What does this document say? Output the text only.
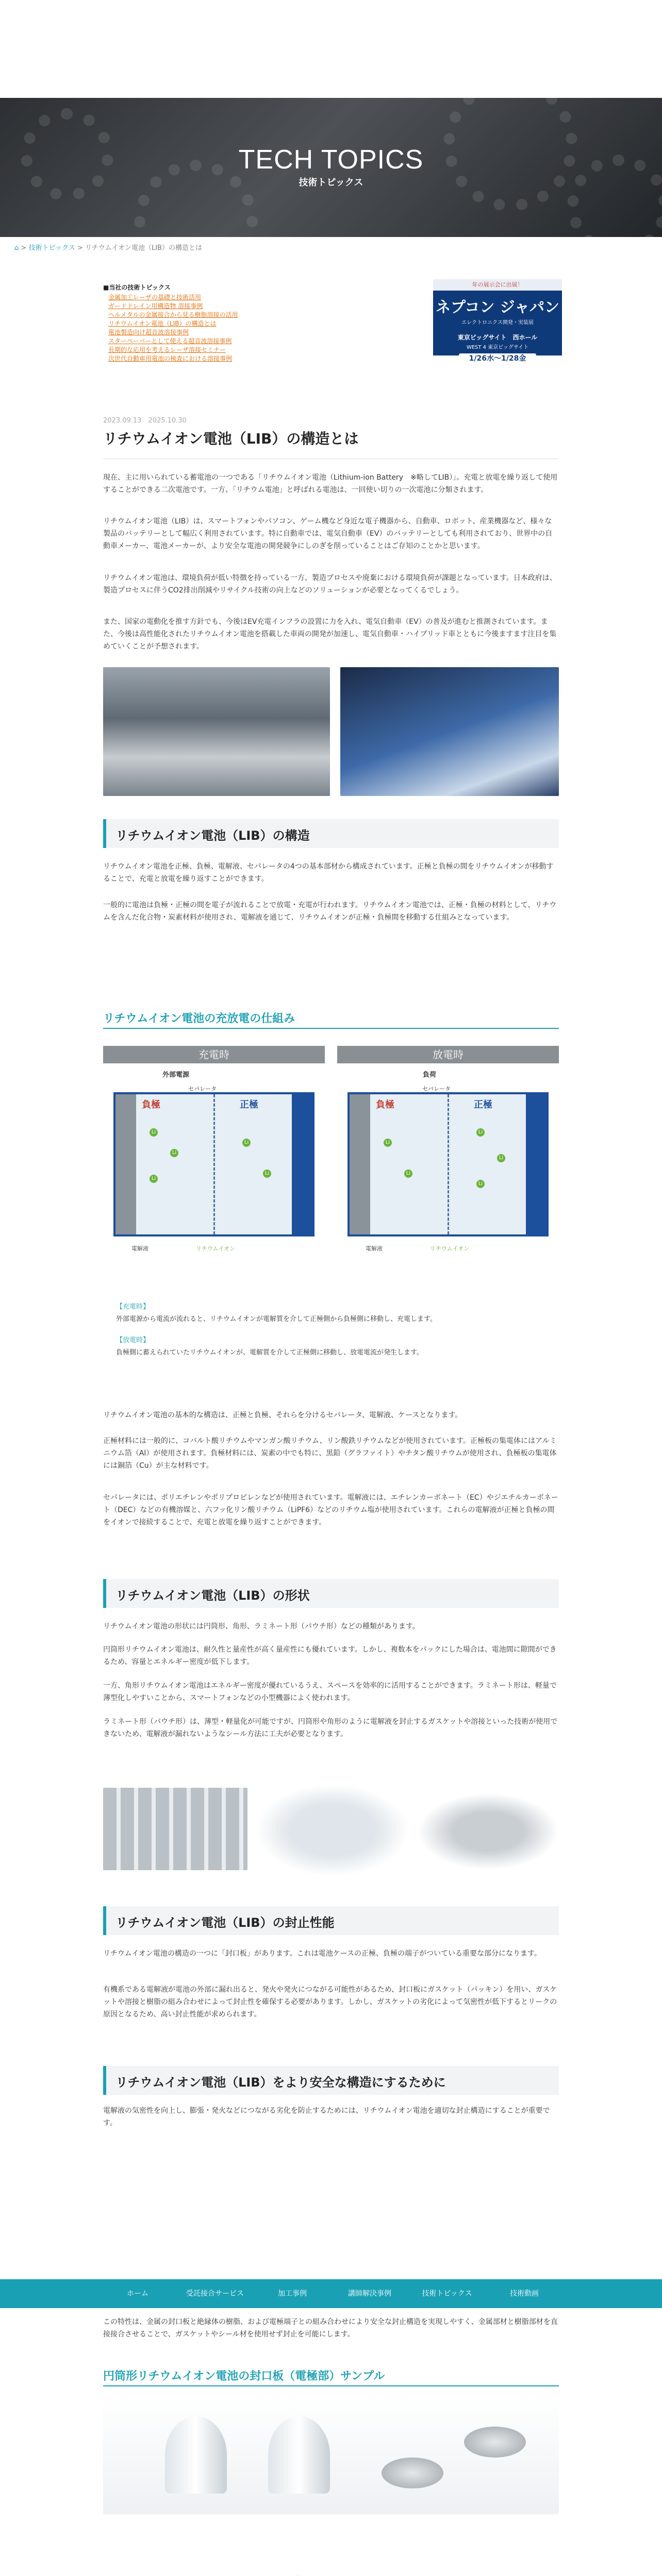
TECH TOPICS
技術トピックス
⌂ > 技術トピックス > リチウムイオン電池（LIB）の構造とは
■当社の技術トピックス
金属加工レーザの基礎と技術活用
ガードドレイン用構造物 溶接事例
ヘルメタルの金属接合から見る樹脂溶接の活用
リチウムイオン電池（LIB）の構造とは
電池製造向け超音波溶接事例
スターペーパーとして使える超音波溶接事例
長期的な応用を考えるレーザ溶接セミナー
次世代自動車用電池の検査における溶接事例
年の展示会に出展！
ネプコン ジャパン
エレクトロニクス開発・実装展
東京ビッグサイト　西ホール
WEST 4 東京ビッグサイト
1/26水～1/28金
2023.09.13　2025.10.30
リチウムイオン電池（LIB）の構造とは
現在、主に用いられている蓄電池の一つである「リチウムイオン電池（Lithium-ion Battery　※略してLIB）」。充電と放電を繰り返して使用することができる二次電池です。一方、「リチウム電池」と呼ばれる電池は、一回使い切りの一次電池に分類されます。
リチウムイオン電池（LIB）は、スマートフォンやパソコン、ゲーム機など身近な電子機器から、自動車、ロボット、産業機器など、様々な製品のバッテリーとして幅広く利用されています。特に自動車では、電気自動車（EV）のバッテリーとしても利用されており、世界中の自動車メーカー、電池メーカーが、より安全な電池の開発競争にしのぎを削っていることはご存知のことかと思います。
リチウムイオン電池は、環境負荷が低い特徴を持っている一方、製造プロセスや廃棄における環境負荷が課題となっています。日本政府は、製造プロセスに伴うCO2排出削減やリサイクル技術の向上などのソリューションが必要となってくるでしょう。
また、国家の電動化を推す方針でも、今後はEV充電インフラの設置に力を入れ、電気自動車（EV）の普及が進むと推測されています。また、今後は高性能化されたリチウムイオン電池を搭載した車両の開発が加速し、電気自動車・ハイブリッド車とともに今後ますます注目を集めていくことが予想されます。
リチウムイオン電池（LIB）の構造
リチウムイオン電池を正極、負極、電解液、セパレータの4つの基本部材から構成されています。正極と負極の間をリチウムイオンが移動することで、充電と放電を繰り返すことができます。
一般的に電池は負極・正極の間を電子が流れることで放電・充電が行われます。リチウムイオン電池では、正極・負極の材料として、リチウムを含んだ化合物・炭素材料が使用され、電解液を通じて、リチウムイオンが正極・負極間を移動する仕組みとなっています。
リチウムイオン電池の充放電の仕組み
充電時	放電時
外部電源	負荷
負極	正極
セパレータ
負極	正極
セパレータ
Li
Li
Li
Li
Li
Li
Li
Li
Li
Li
電解液	リチウムイオン	電解液	リチウムイオン
【充電時】
外部電源から電流が流れると、リチウムイオンが電解質を介して正極側から負極側に移動し、充電します。
【放電時】
負極側に蓄えられていたリチウムイオンが、電解質を介して正極側に移動し、放電電流が発生します。
リチウムイオン電池の基本的な構造は、正極と負極、それらを分けるセパレータ、電解液、ケースとなります。
正極材料には一般的に、コバルト酸リチウムやマンガン酸リチウム、リン酸鉄リチウムなどが使用されています。正極板の集電体にはアルミニウム箔（Al）が使用されます。負極材料には、炭素の中でも特に、黒鉛（グラファイト）やチタン酸リチウムが使用され、負極板の集電体には銅箔（Cu）が主な材料です。
セパレータには、ポリエチレンやポリプロピレンなどが使用されています。電解液には、エチレンカーボネート（EC）やジエチルカーボネート（DEC）などの有機溶媒と、六フッ化リン酸リチウム（LiPF6）などのリチウム塩が使用されています。これらの電解液が正極と負極の間をイオンで接続することで、充電と放電を繰り返すことができます。
リチウムイオン電池（LIB）の形状
リチウムイオン電池の形状には円筒形、角形、ラミネート形（パウチ形）などの種類があります。
円筒形リチウムイオン電池は、耐久性と量産性が高く量産性にも優れています。しかし、複数本をパックにした場合は、電池間に隙間ができるため、容量とエネルギー密度が低下します。
一方、角形リチウムイオン電池はエネルギー密度が優れているうえ、スペースを効率的に活用することができます。ラミネート形は、軽量で薄型化しやすいことから、スマートフォンなどの小型機器によく使われます。
ラミネート形（パウチ形）は、薄型・軽量化が可能ですが、円筒形や角形のように電解液を封止するガスケットや溶接といった技術が使用できないため、電解液が漏れないようなシール方法に工夫が必要となります。
リチウムイオン電池（LIB）の封止性能
リチウムイオン電池の構造の一つに「封口板」があります。これは電池ケースの正極、負極の端子がついている重要な部分になります。
有機系である電解液が電池の外部に漏れ出ると、発火や発火につながる可能性があるため、封口板にガスケット（パッキン）を用い、ガスケットや溶接と樹脂の組み合わせによって封止性を確保する必要があります。しかし、ガスケットの劣化によって気密性が低下するとリークの原因となるため、高い封止性能が求められます。
リチウムイオン電池（LIB）をより安全な構造にするために
電解液の気密性を向上し、膨張・発火などにつながる劣化を防止するためには、リチウムイオン電池を適切な封止構造にすることが重要です。
ホーム	受託接合サービス	加工事例	講師解決事例	技術トピックス	技術動画
この特性は、金属の封口板と絶縁体の樹脂、および電極端子との組み合わせにより安全な封止構造を実現しやすく、金属部材と樹脂部材を直接接合させることで、ガスケットやシール材を使用せず封止を可能にします。
円筒形リチウムイオン電池の封口板（電極部）サンプル
